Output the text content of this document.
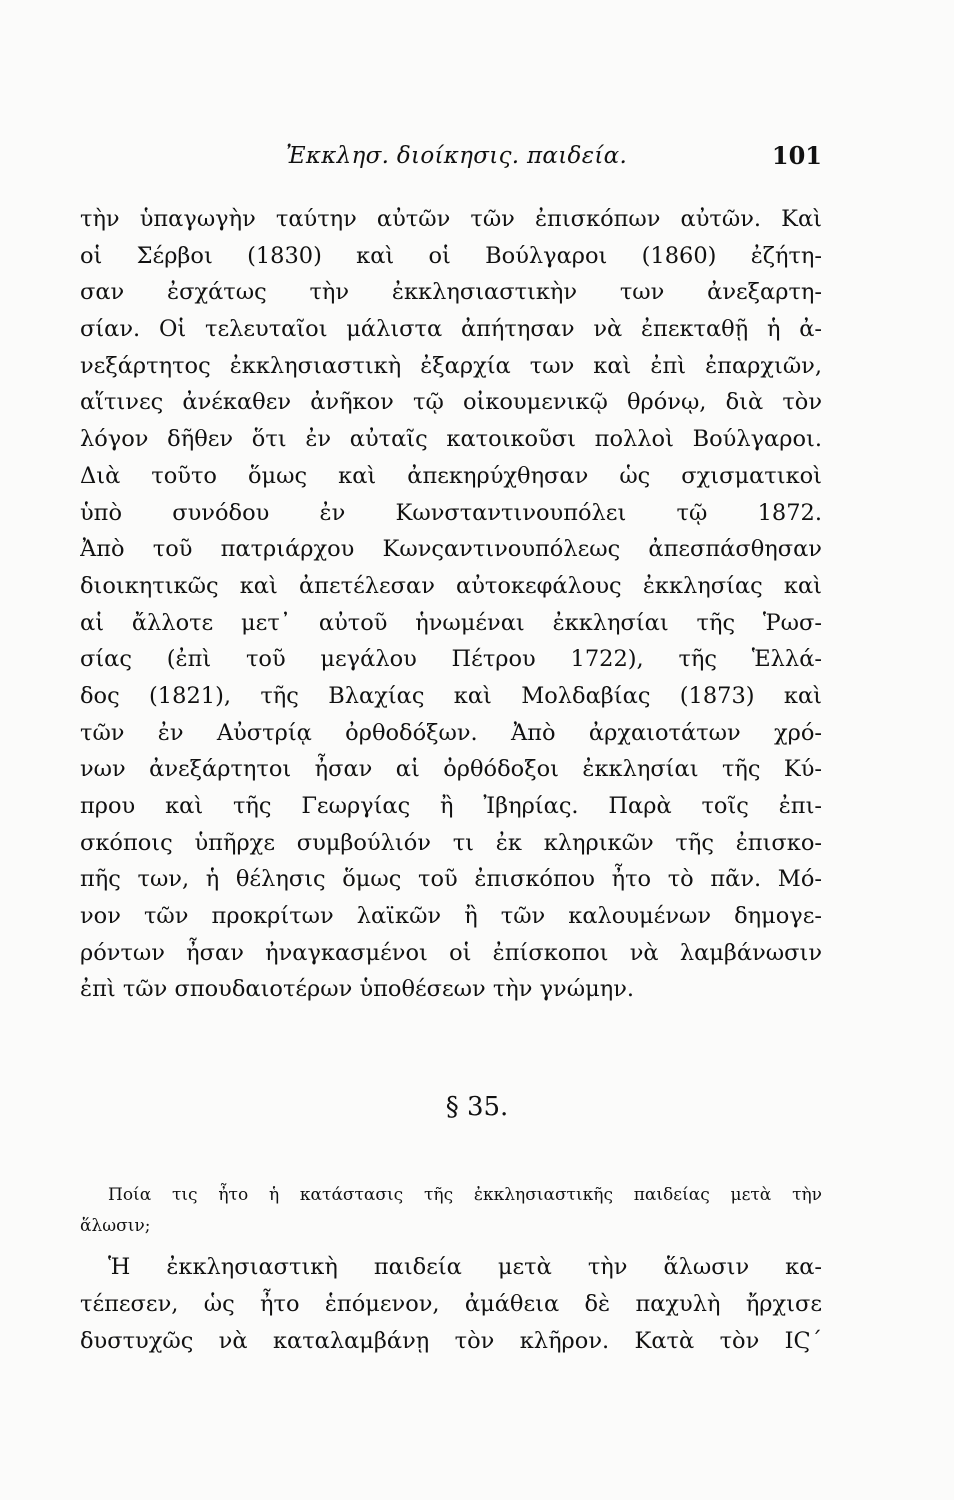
Ἐκκλησ. διοίκησις. παιδεία.	101
τὴν ὑπαγωγὴν ταύτην αὐτῶν τῶν ἐπισκόπων αὐτῶν. Καὶ
οἱ Σέρβοι (1830) καὶ οἱ Βούλγαροι (1860) ἐζήτη-
σαν ἐσχάτως τὴν ἐκκλησιαστικὴν των ἀνεξαρτη-
σίαν. Οἱ τελευταῖοι μάλιστα ἀπήτησαν νὰ ἐπεκταθῇ ἡ ἀ-
νεξάρτητος ἐκκλησιαστικὴ ἐξαρχία των καὶ ἐπὶ ἐπαρχιῶν,
αἵτινες ἀνέκαθεν ἀνῆκον τῷ οἰκουμενικῷ θρόνῳ, διὰ τὸν
λόγον δῆθεν ὅτι ἐν αὐταῖς κατοικοῦσι πολλοὶ Βούλγαροι.
Διὰ τοῦτο ὅμως καὶ ἀπεκηρύχθησαν ὡς σχισματικοὶ
ὑπὸ συνόδου ἐν Κωνσταντινουπόλει τῷ 1872.
Ἀπὸ τοῦ πατριάρχου Κωνςαντινουπόλεως ἀπεσπάσθησαν
διοικητικῶς καὶ ἀπετέλεσαν αὐτοκεφάλους ἐκκλησίας καὶ
αἱ ἄλλοτε μετ᾽ αὐτοῦ ἡνωμέναι ἐκκλησίαι τῆς Ῥωσ-
σίας (ἐπὶ τοῦ μεγάλου Πέτρου 1722), τῆς Ἑλλά-
δος (1821), τῆς Βλαχίας καὶ Μολδαβίας (1873) καὶ
τῶν ἐν Αὐστρίᾳ ὀρθοδόξων. Ἀπὸ ἀρχαιοτάτων χρό-
νων ἀνεξάρτητοι ἦσαν αἱ ὀρθόδοξοι ἐκκλησίαι τῆς Κύ-
πρου καὶ τῆς Γεωργίας ἢ Ἰβηρίας. Παρὰ τοῖς ἐπι-
σκόποις ὑπῆρχε συμβούλιόν τι ἐκ κληρικῶν τῆς ἐπισκο-
πῆς των, ἡ θέλησις ὅμως τοῦ ἐπισκόπου ἦτο τὸ πᾶν. Μό-
νον τῶν προκρίτων λαϊκῶν ἢ τῶν καλουμένων δημογε-
ρόντων ἦσαν ἠναγκασμένοι οἱ ἐπίσκοποι νὰ λαμβάνωσιν
ἐπὶ τῶν σπουδαιοτέρων ὑποθέσεων τὴν γνώμην.
§ 35.
Ποία τις ἦτο ἡ κατάστασις τῆς ἐκκλησιαστικῆς παιδείας μετὰ τὴν
ἅλωσιν;
Ἡ ἐκκλησιαστικὴ παιδεία μετὰ τὴν ἅλωσιν κα-
τέπεσεν, ὡς ἦτο ἑπόμενον, ἀμάθεια δὲ παχυλὴ ἤρχισε
δυστυχῶς νὰ καταλαμβάνῃ τὸν κλῆρον. Κατὰ τὸν ΙϚ΄
